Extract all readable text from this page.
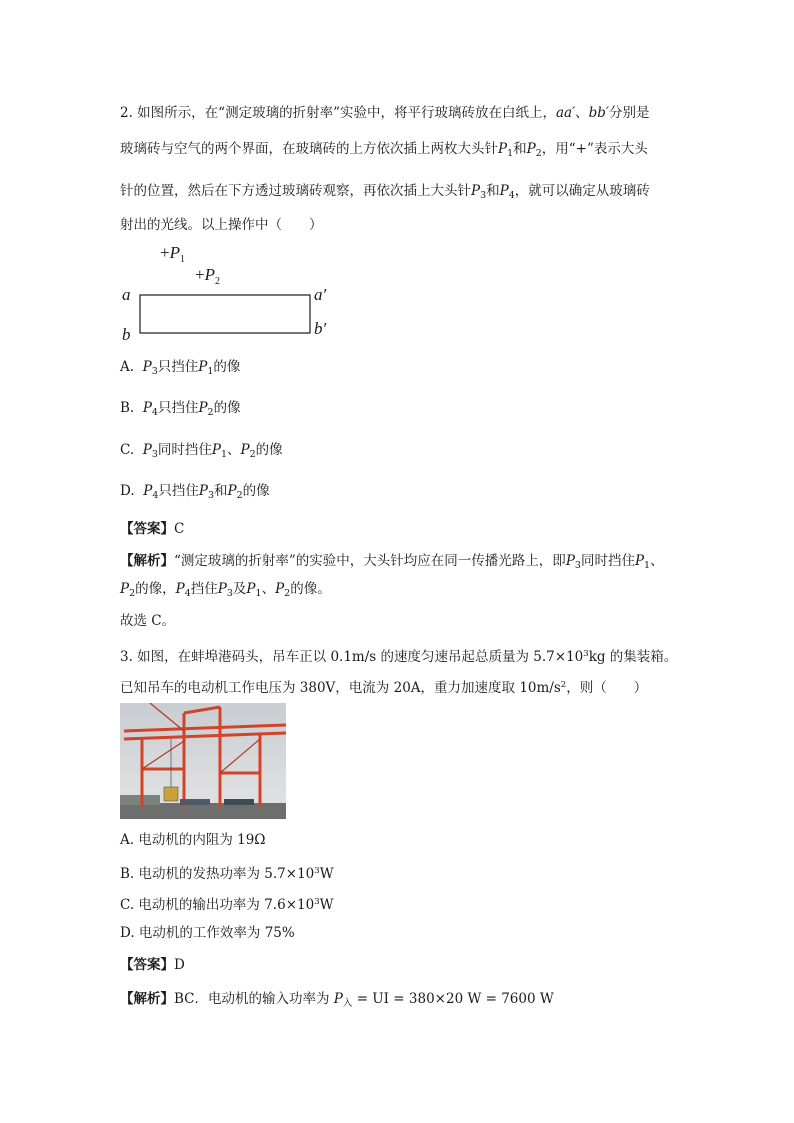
2. 如图所示，在“测定玻璃的折射率”实验中，将平行玻璃砖放在白纸上，aa′、bb′分别是
玻璃砖与空气的两个界面，在玻璃砖的上方依次插上两枚大头针$P_1$和$P_2$，用“+”表示大头
针的位置，然后在下方透过玻璃砖观察，再依次插上大头针$P_3$和$P_4$，就可以确定从玻璃砖
射出的光线。以上操作中（　　）
$+P_1$
$+P_2$
a	a′
b	b′
A. $P_3$只挡住$P_1$的像
B. $P_4$只挡住$P_2$的像
C. $P_3$同时挡住$P_1$、$P_2$的像
D. $P_4$只挡住$P_3$和$P_2$的像
【答案】C
【解析】“测定玻璃的折射率”的实验中，大头针均应在同一传播光路上，即$P_3$同时挡住$P_1$、
$P_2$的像，$P_4$挡住$P_3$及$P_1$、$P_2$的像。
故选 C。
3. 如图，在蚌埠港码头，吊车正以 0.1m/s 的速度匀速吊起总质量为 $5.7\times 10^3kg$ 的集装箱。
已知吊车的电动机工作电压为 380V，电流为 20A，重力加速度取 $10m/s^2$，则（　　）
A. 电动机的内阻为 19Ω
B. 电动机的发热功率为 $5.7\times 10^3W$
C. 电动机的输出功率为 $7.6\times 10^3W$
D. 电动机的工作效率为 75%
【答案】D
【解析】BC．电动机的输入功率为 $P_入$ = UI = 380×20 W = 7600 W
